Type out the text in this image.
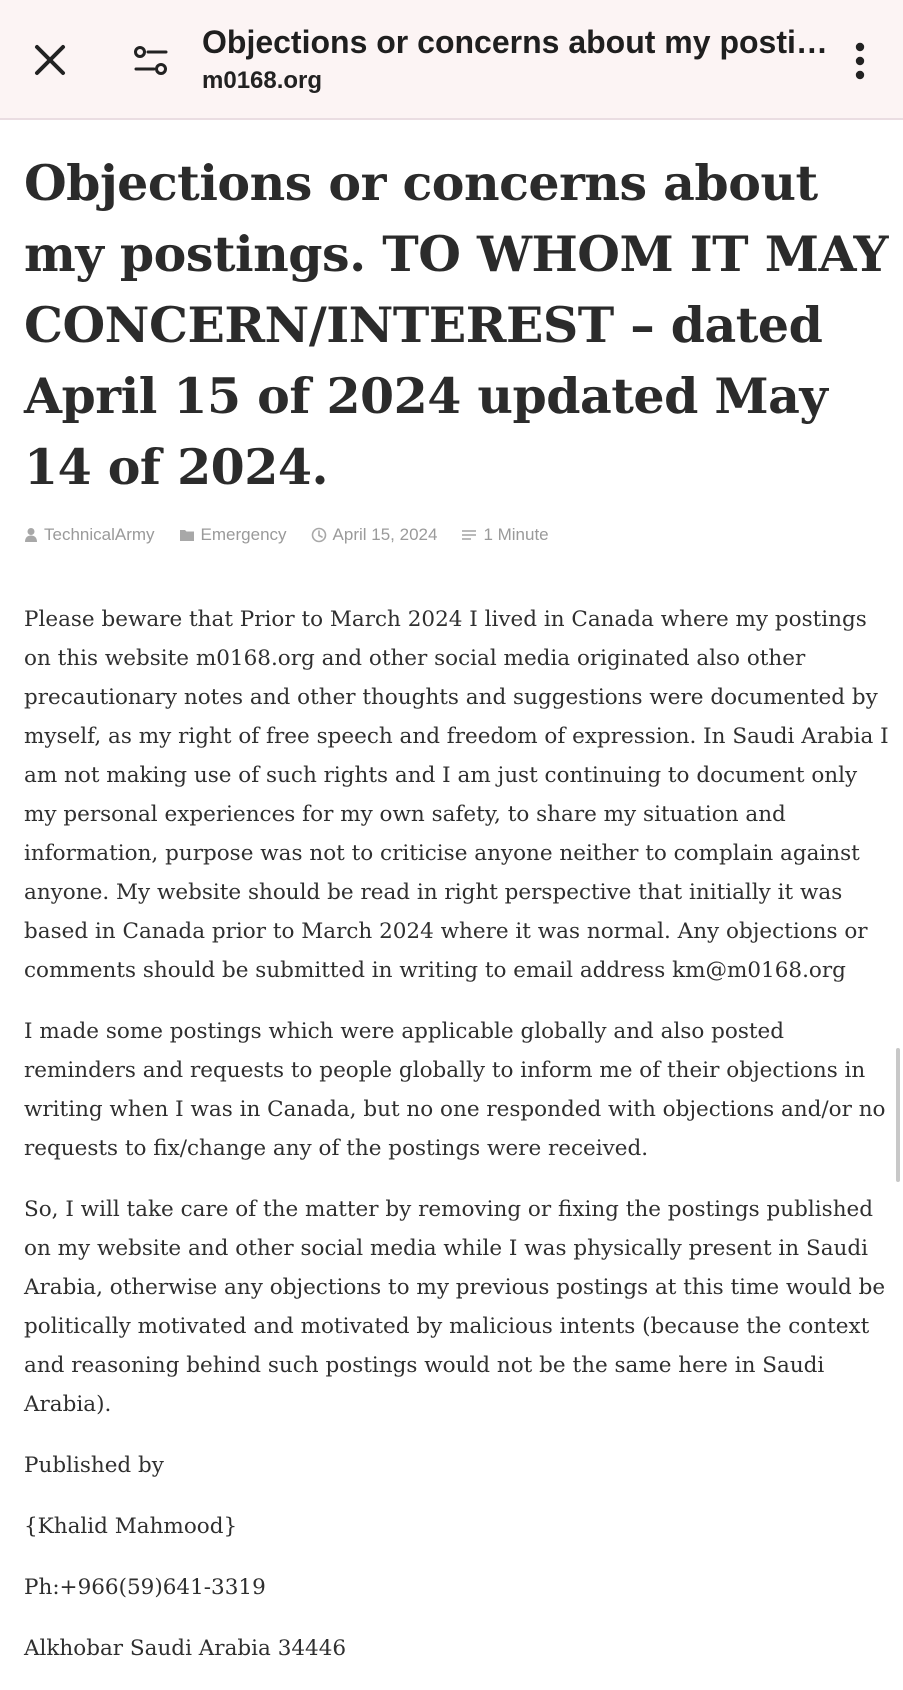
Objections or concerns about my posti…
m0168.org
Objections or concerns about my postings. TO WHOM IT MAY CONCERN/INTEREST – dated April 15 of 2024 updated May 14 of 2024.
TechnicalArmy	Emergency	April 15, 2024	1 Minute

Please beware that Prior to March 2024 I lived in Canada where my postings on this website m0168.org and other social media originated also other precautionary notes and other thoughts and suggestions were documented by myself, as my right of free speech and freedom of expression. In Saudi Arabia I am not making use of such rights and I am just continuing to document only my personal experiences for my own safety, to share my situation and information, purpose was not to criticise anyone neither to complain against anyone. My website should be read in right perspective that initially it was based in Canada prior to March 2024 where it was normal. Any objections or comments should be submitted in writing to email address km@m0168.org

I made some postings which were applicable globally and also posted reminders and requests to people globally to inform me of their objections in writing when I was in Canada, but no one responded with objections and/or no requests to fix/change any of the postings were received.

So, I will take care of the matter by removing or fixing the postings published on my website and other social media while I was physically present in Saudi Arabia, otherwise any objections to my previous postings at this time would be politically motivated and motivated by malicious intents (because the context and reasoning behind such postings would not be the same here in Saudi Arabia).

Published by

{Khalid Mahmood}

Ph:+966(59)641-3319

Alkhobar Saudi Arabia 34446
